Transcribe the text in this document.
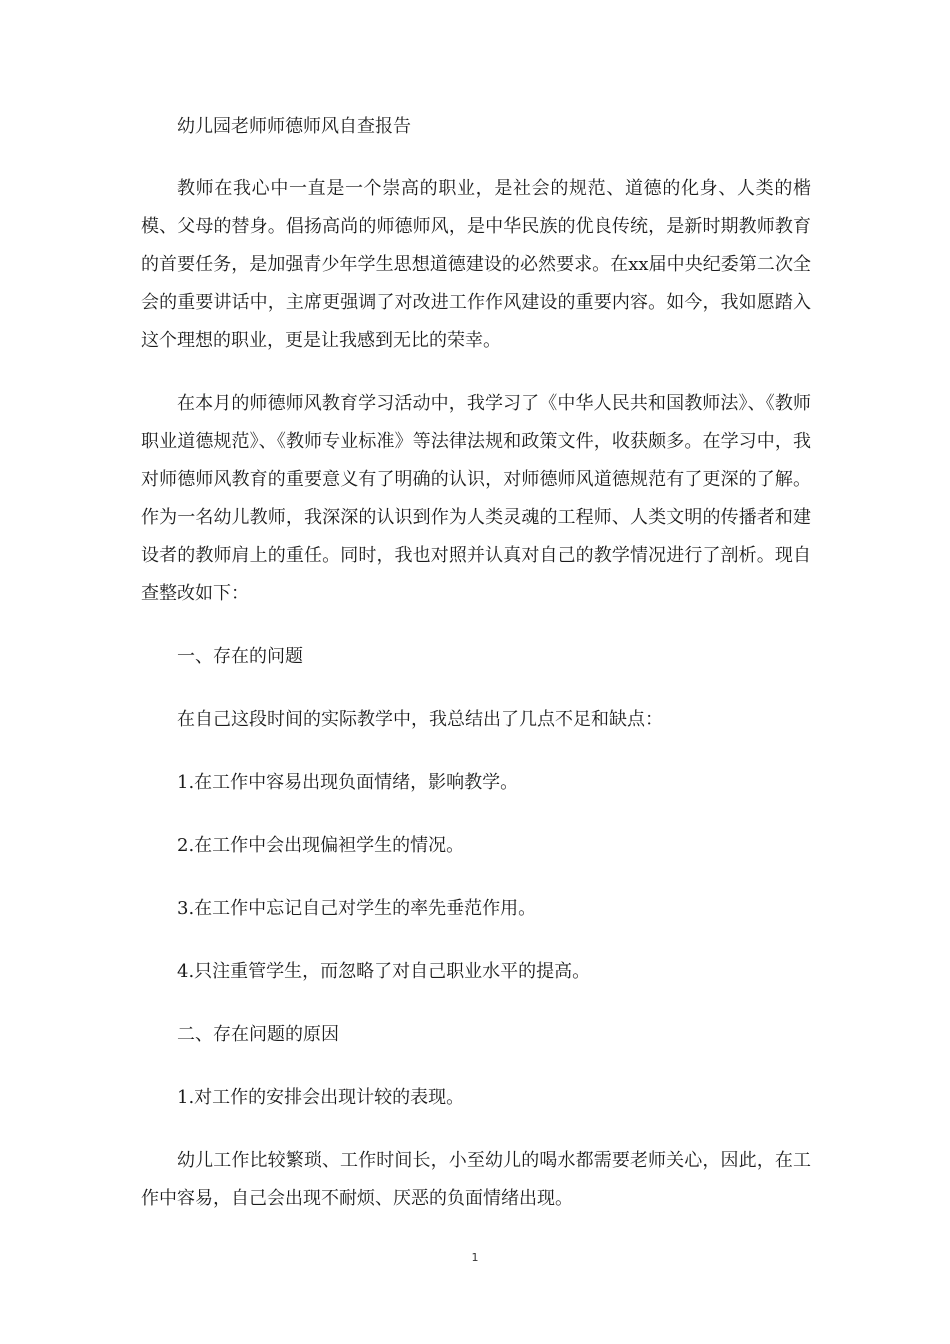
幼儿园老师师德师风自查报告

教师在我心中一直是一个崇高的职业，是社会的规范、道德的化身、人类的楷模、父母的替身。倡扬高尚的师德师风，是中华民族的优良传统，是新时期教师教育的首要任务，是加强青少年学生思想道德建设的必然要求。在xx届中央纪委第二次全会的重要讲话中，主席更强调了对改进工作作风建设的重要内容。如今，我如愿踏入这个理想的职业，更是让我感到无比的荣幸。

在本月的师德师风教育学习活动中，我学习了《中华人民共和国教师法》、《教师职业道德规范》、《教师专业标准》等法律法规和政策文件，收获颇多。在学习中，我对师德师风教育的重要意义有了明确的认识，对师德师风道德规范有了更深的了解。作为一名幼儿教师，我深深的认识到作为人类灵魂的工程师、人类文明的传播者和建设者的教师肩上的重任。同时，我也对照并认真对自己的教学情况进行了剖析。现自查整改如下：

一、存在的问题

在自己这段时间的实际教学中，我总结出了几点不足和缺点：

1.在工作中容易出现负面情绪，影响教学。

2.在工作中会出现偏袒学生的情况。

3.在工作中忘记自己对学生的率先垂范作用。

4.只注重管学生，而忽略了对自己职业水平的提高。

二、存在问题的原因

1.对工作的安排会出现计较的表现。

幼儿工作比较繁琐、工作时间长，小至幼儿的喝水都需要老师关心，因此，在工作中容易，自己会出现不耐烦、厌恶的负面情绪出现。

1
